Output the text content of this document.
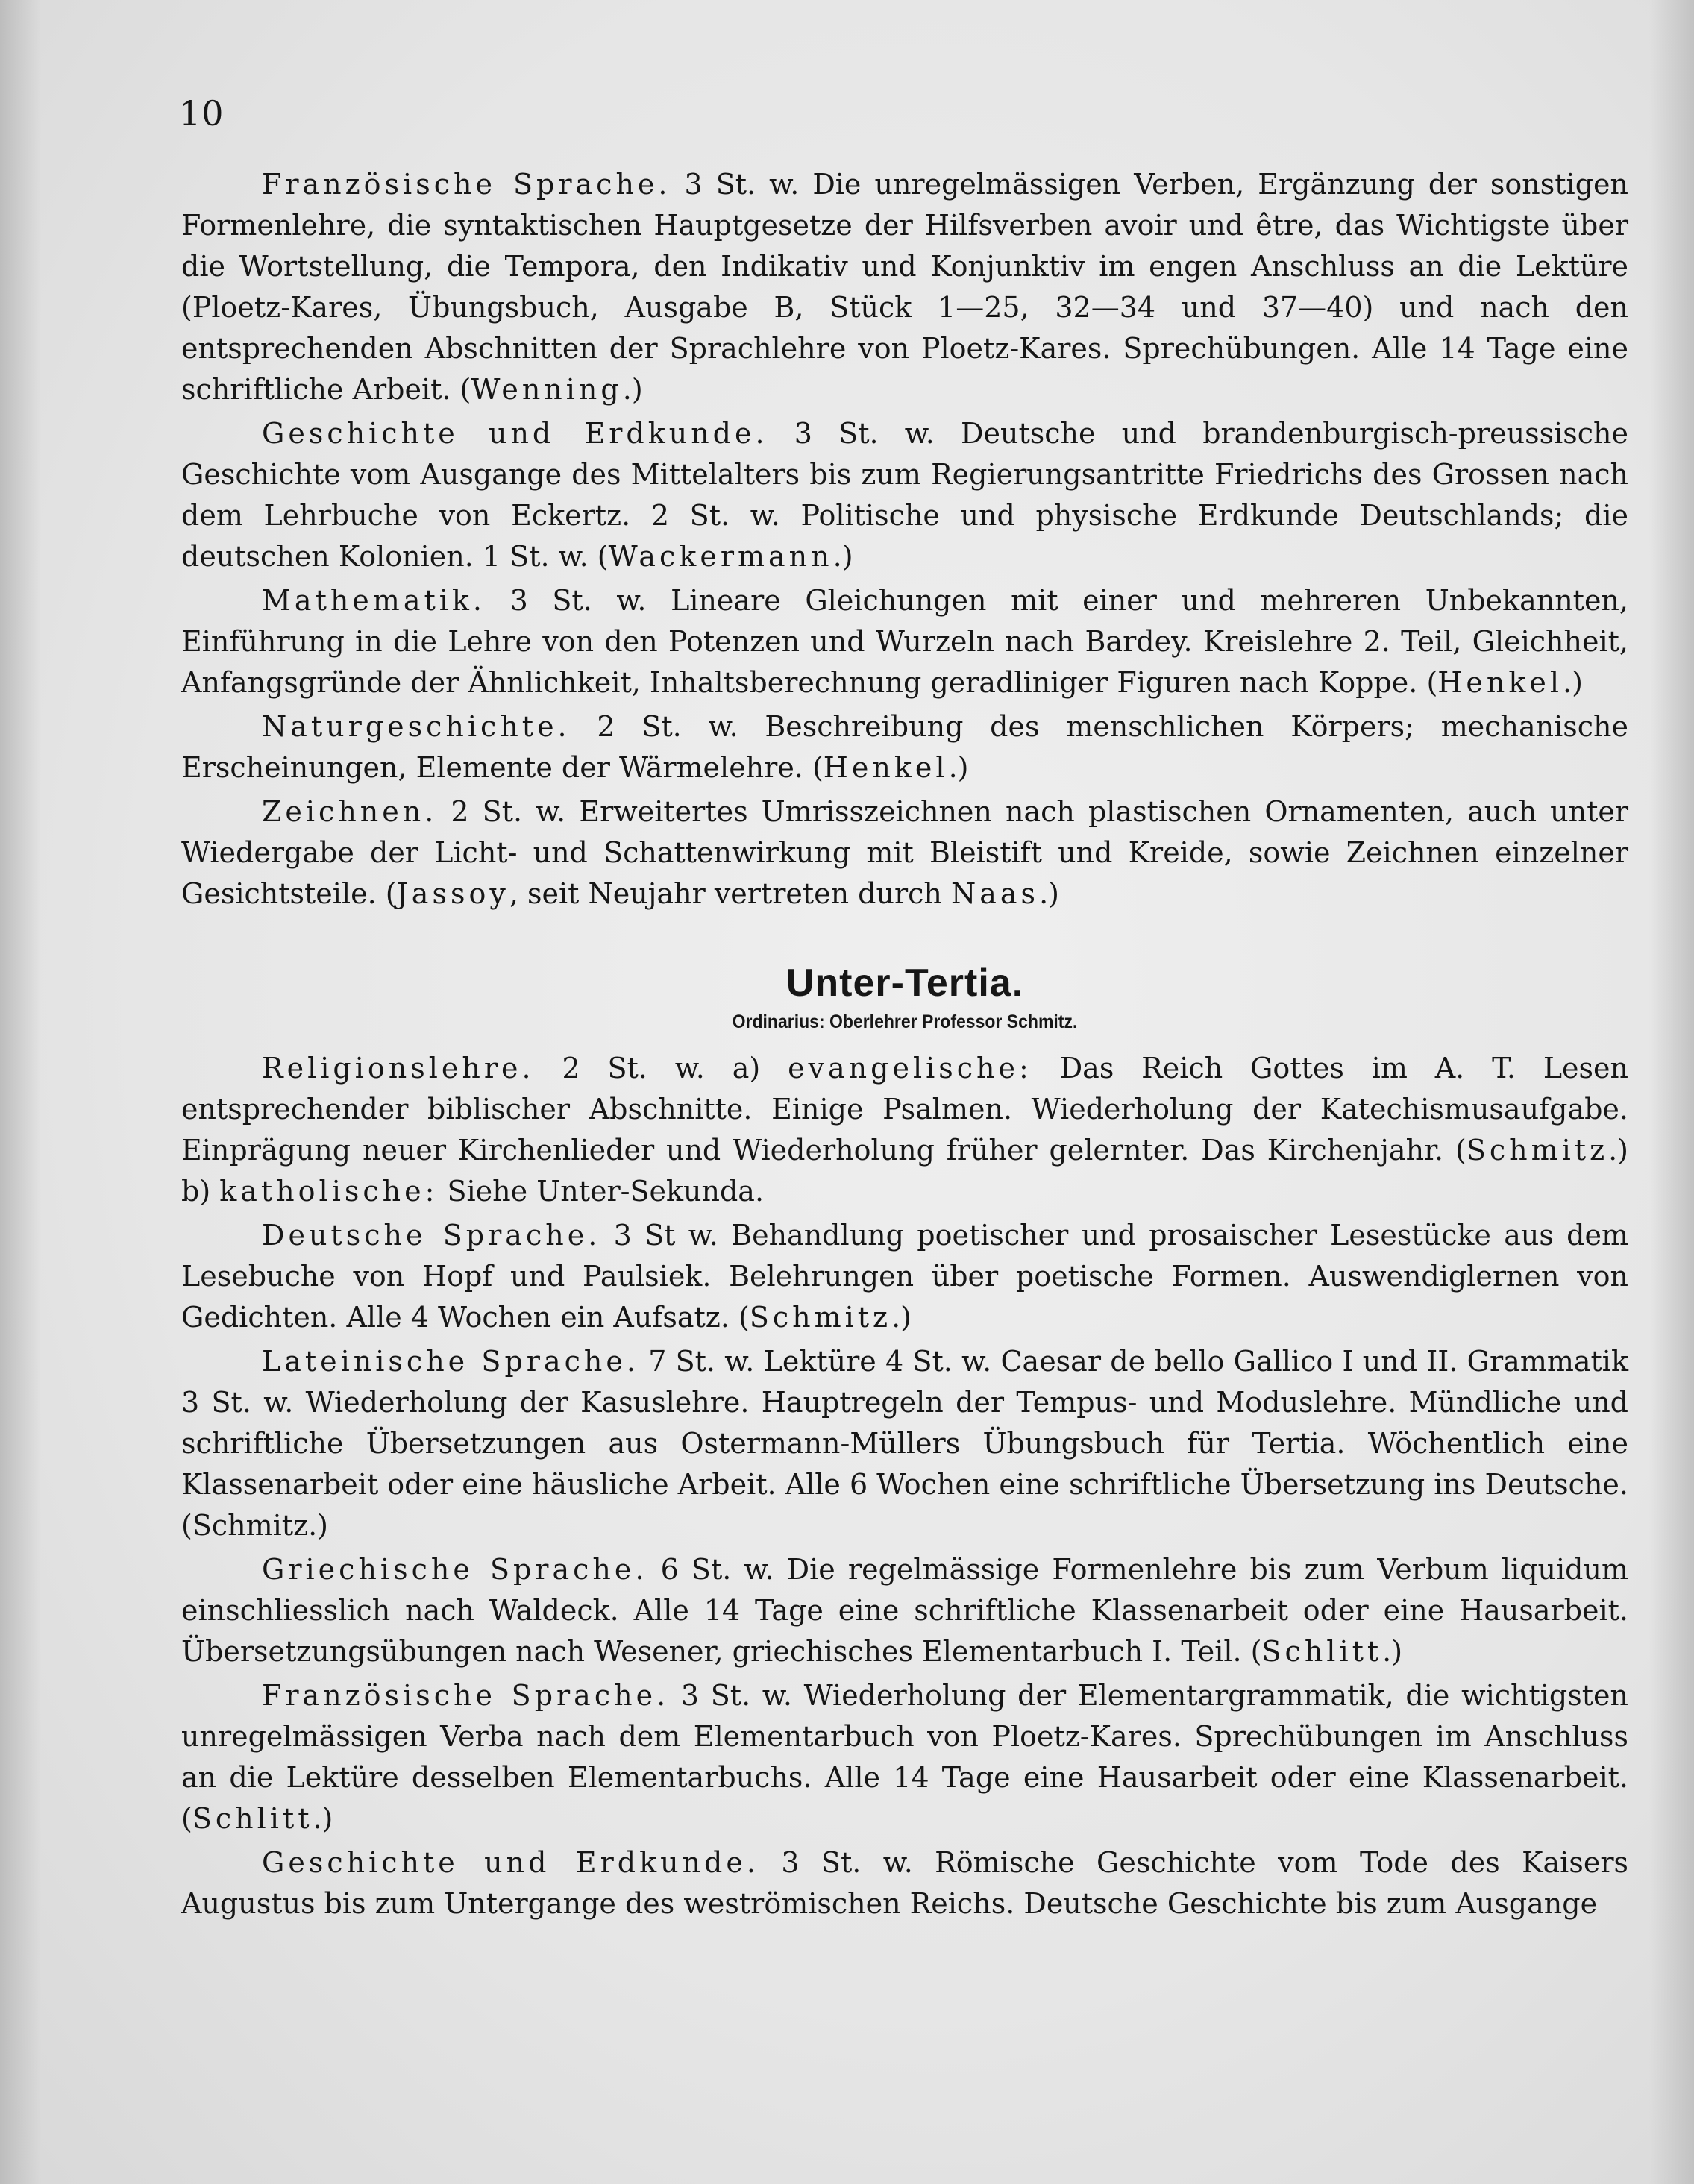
10

Französische Sprache. 3 St. w. Die unregelmässigen Verben, Ergänzung der sonstigen Formenlehre, die syntaktischen Hauptgesetze der Hilfsverben avoir und être, das Wichtigste über die Wortstellung, die Tempora, den Indikativ und Konjunktiv im engen Anschluss an die Lektüre (Ploetz-Kares, Übungsbuch, Ausgabe B, Stück 1—25, 32—34 und 37—40) und nach den entsprechenden Abschnitten der Sprachlehre von Ploetz-Kares. Sprechübungen. Alle 14 Tage eine schriftliche Arbeit. (Wenning.)

Geschichte und Erdkunde. 3 St. w. Deutsche und brandenburgisch-preussische Geschichte vom Ausgange des Mittelalters bis zum Regierungsantritte Friedrichs des Grossen nach dem Lehrbuche von Eckertz. 2 St. w. Politische und physische Erdkunde Deutschlands; die deutschen Kolonien. 1 St. w. (Wackermann.)

Mathematik. 3 St. w. Lineare Gleichungen mit einer und mehreren Unbekannten, Einführung in die Lehre von den Potenzen und Wurzeln nach Bardey. Kreislehre 2. Teil, Gleichheit, Anfangsgründe der Ähnlichkeit, Inhaltsberechnung geradliniger Figuren nach Koppe. (Henkel.)

Naturgeschichte. 2 St. w. Beschreibung des menschlichen Körpers; mechanische Erscheinungen, Elemente der Wärmelehre. (Henkel.)

Zeichnen. 2 St. w. Erweitertes Umrisszeichnen nach plastischen Ornamenten, auch unter Wiedergabe der Licht- und Schattenwirkung mit Bleistift und Kreide, sowie Zeichnen einzelner Gesichtsteile. (Jassoy, seit Neujahr vertreten durch Naas.)

Unter-Tertia.
Ordinarius: Oberlehrer Professor Schmitz.

Religionslehre. 2 St. w. a) evangelische: Das Reich Gottes im A. T. Lesen entsprechender biblischer Abschnitte. Einige Psalmen. Wiederholung der Katechismusaufgabe. Einprägung neuer Kirchenlieder und Wiederholung früher gelernter. Das Kirchenjahr. (Schmitz.) b) katholische: Siehe Unter-Sekunda.

Deutsche Sprache. 3 St w. Behandlung poetischer und prosaischer Lesestücke aus dem Lesebuche von Hopf und Paulsiek. Belehrungen über poetische Formen. Auswendiglernen von Gedichten. Alle 4 Wochen ein Aufsatz. (Schmitz.)

Lateinische Sprache. 7 St. w. Lektüre 4 St. w. Caesar de bello Gallico I und II. Grammatik 3 St. w. Wiederholung der Kasuslehre. Hauptregeln der Tempus- und Moduslehre. Mündliche und schriftliche Übersetzungen aus Ostermann-Müllers Übungsbuch für Tertia. Wöchentlich eine Klassenarbeit oder eine häusliche Arbeit. Alle 6 Wochen eine schriftliche Übersetzung ins Deutsche. (Schmitz.)

Griechische Sprache. 6 St. w. Die regelmässige Formenlehre bis zum Verbum liquidum einschliesslich nach Waldeck. Alle 14 Tage eine schriftliche Klassenarbeit oder eine Hausarbeit. Übersetzungsübungen nach Wesener, griechisches Elementarbuch I. Teil. (Schlitt.)

Französische Sprache. 3 St. w. Wiederholung der Elementargrammatik, die wichtigsten unregelmässigen Verba nach dem Elementarbuch von Ploetz-Kares. Sprechübungen im Anschluss an die Lektüre desselben Elementarbuchs. Alle 14 Tage eine Hausarbeit oder eine Klassenarbeit. (Schlitt.)

Geschichte und Erdkunde. 3 St. w. Römische Geschichte vom Tode des Kaisers Augustus bis zum Untergange des weströmischen Reichs. Deutsche Geschichte bis zum Ausgange
